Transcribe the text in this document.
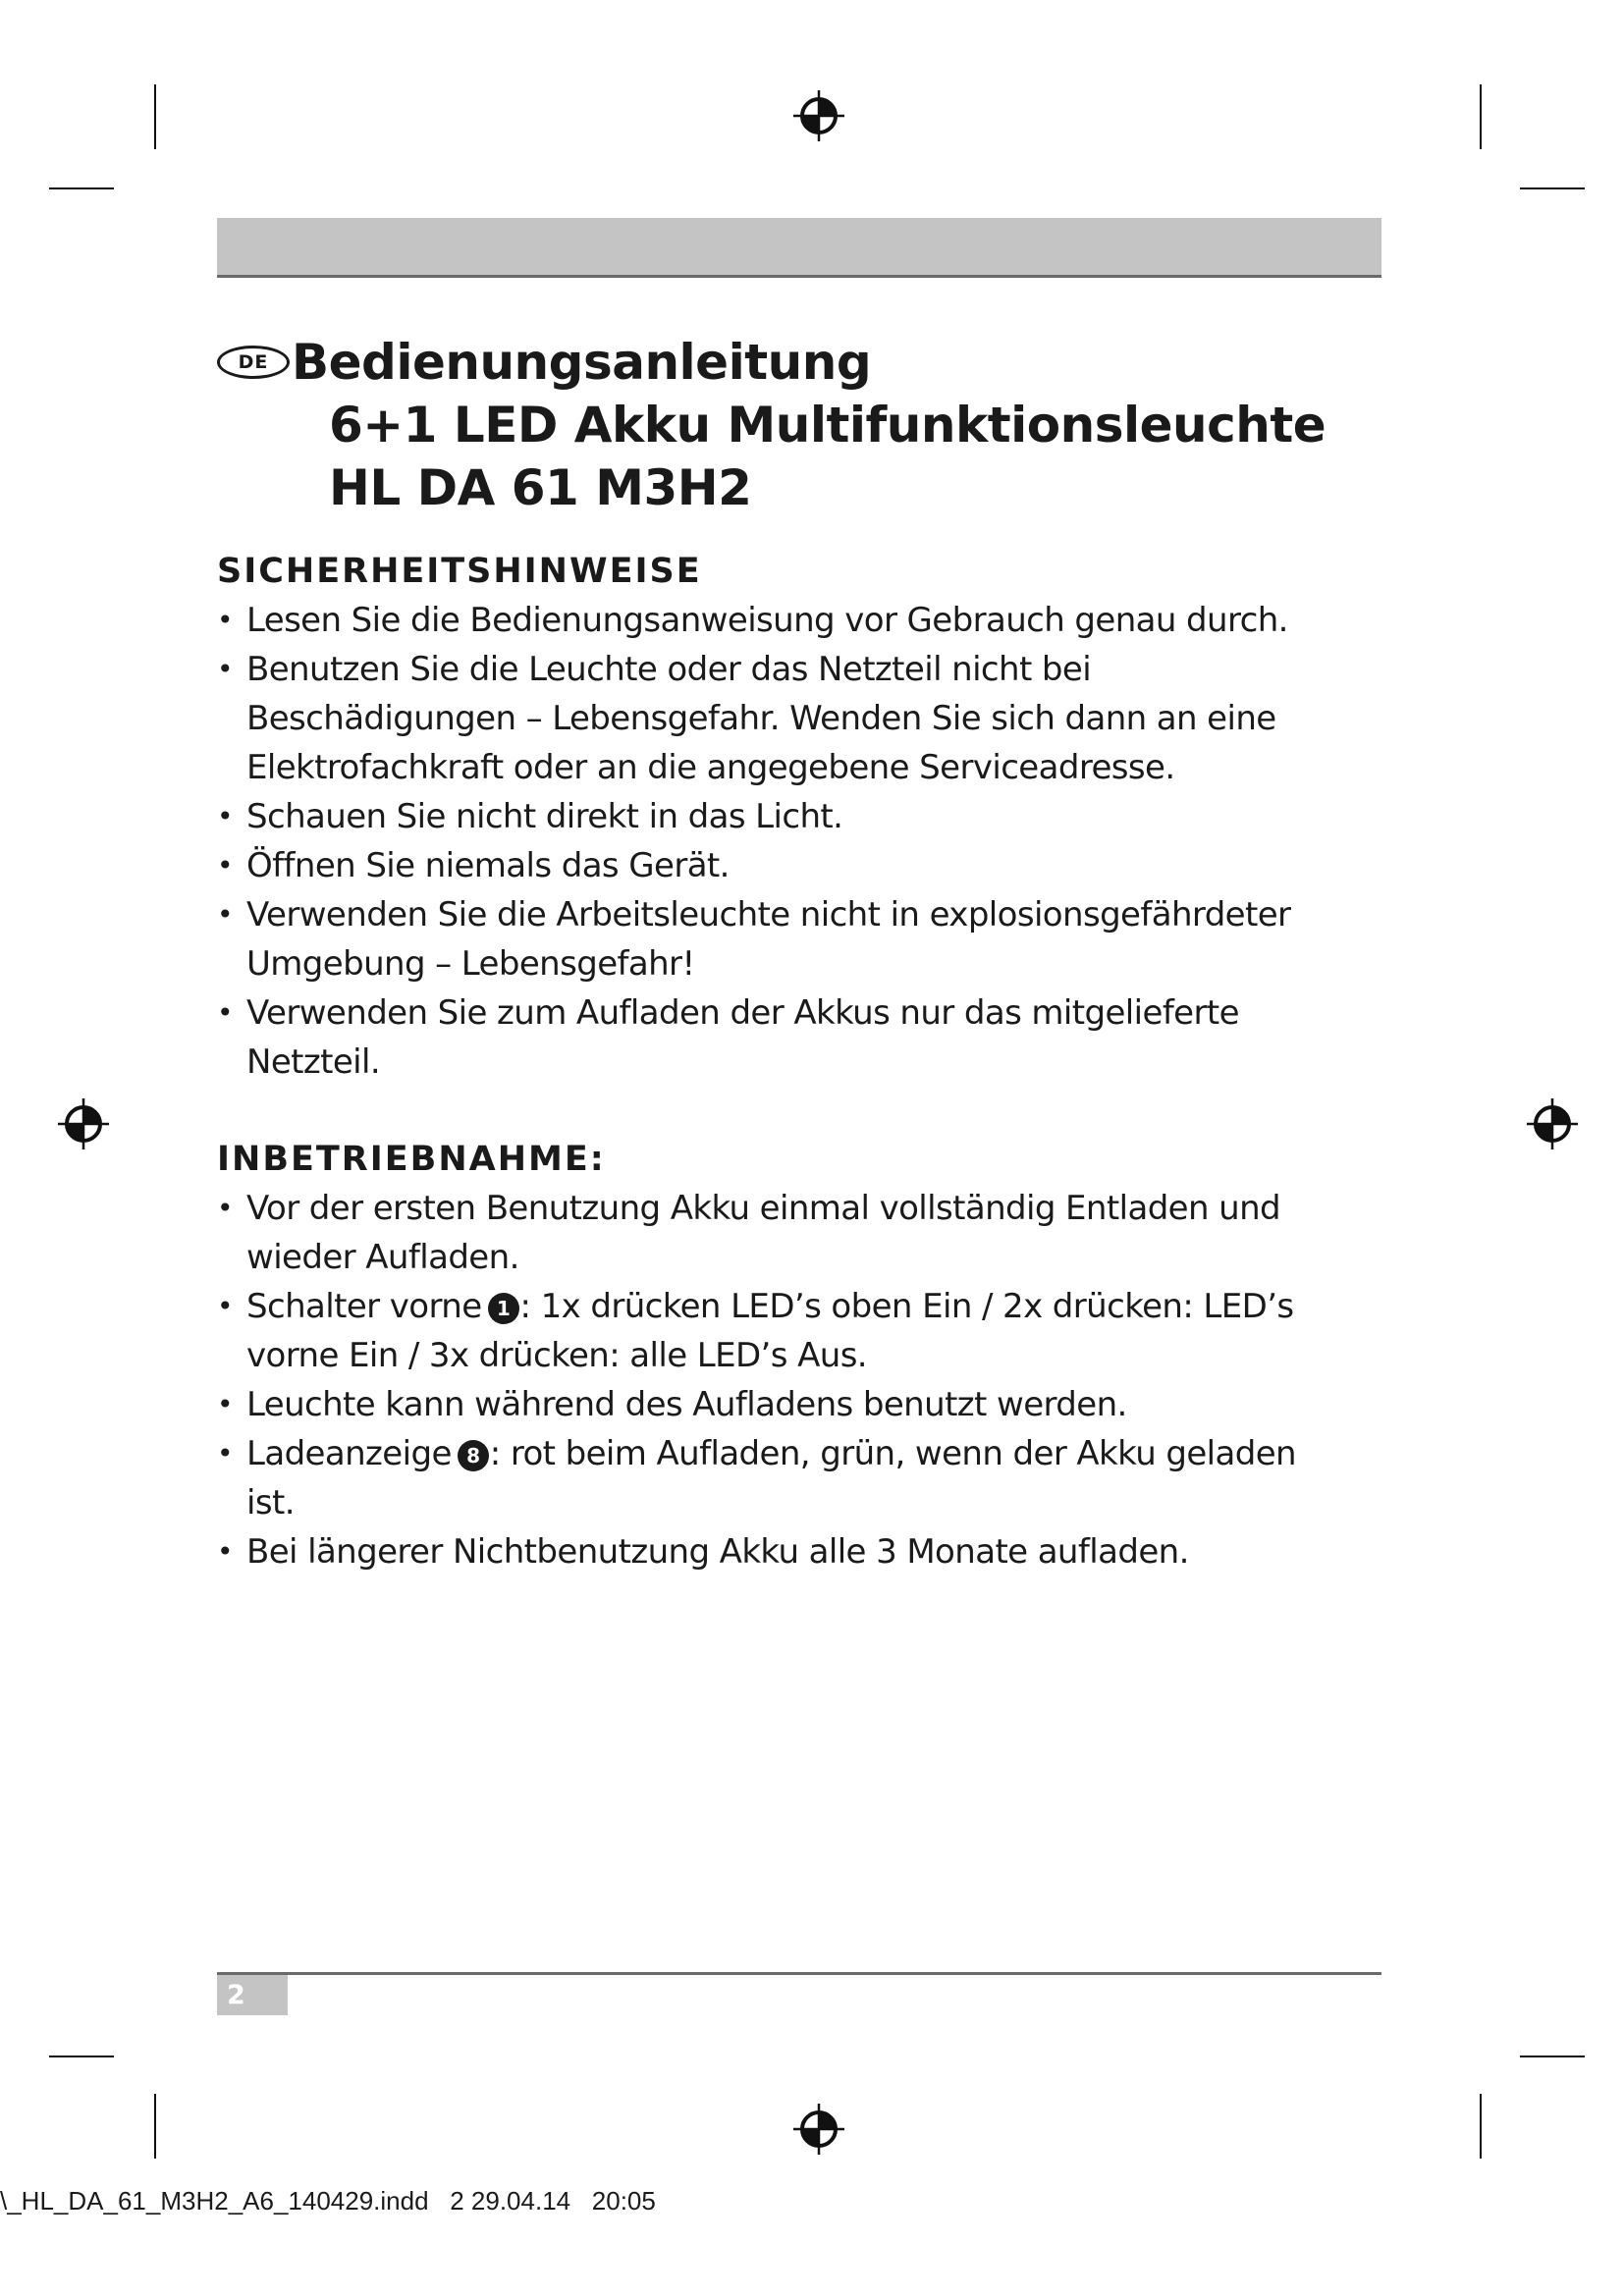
DE Bedienungsanleitung
6+1 LED Akku Multifunktionsleuchte
HL DA 61 M3H2
SICHERHEITSHINWEISE
• Lesen Sie die Bedienungsanweisung vor Gebrauch genau durch.
• Benutzen Sie die Leuchte oder das Netzteil nicht bei
Beschädigungen – Lebensgefahr. Wenden Sie sich dann an eine
Elektrofachkraft oder an die angegebene Serviceadresse.
• Schauen Sie nicht direkt in das Licht.
• Öffnen Sie niemals das Gerät.
• Verwenden Sie die Arbeitsleuchte nicht in explosionsgefährdeter
Umgebung – Lebensgefahr!
• Verwenden Sie zum Aufladen der Akkus nur das mitgelieferte
Netzteil.
INBETRIEBNAHME:
• Vor der ersten Benutzung Akku einmal vollständig Entladen und
wieder Aufladen.
• Schalter vorne 1 : 1x drücken LED’s oben Ein / 2x drücken: LED’s
vorne Ein / 3x drücken: alle LED’s Aus.
• Leuchte kann während des Aufladens benutzt werden.
• Ladeanzeige 8 : rot beim Aufladen, grün, wenn der Akku geladen
ist.
• Bei längerer Nichtbenutzung Akku alle 3 Monate aufladen.
2
\_HL_DA_61_M3H2_A6_140429.indd   2 29.04.14   20:05
